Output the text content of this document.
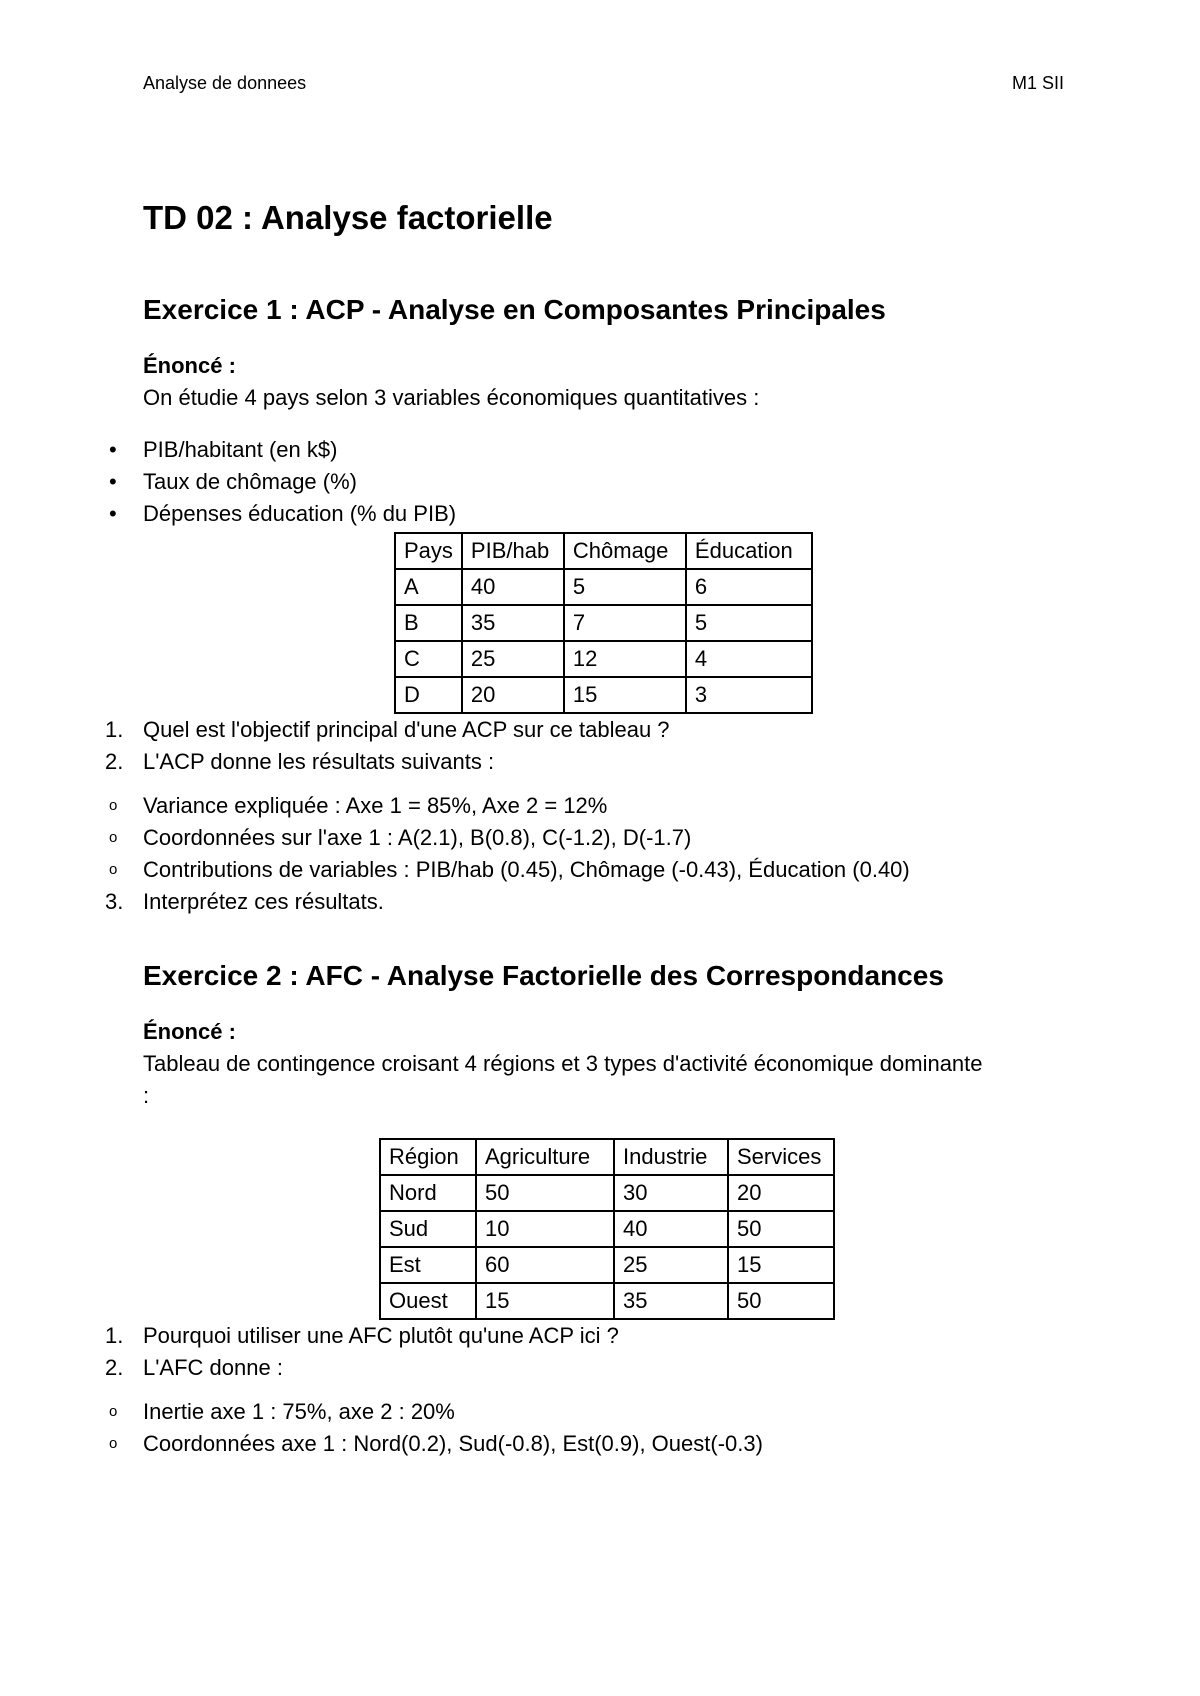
Analyse de donnees	M1 SII
TD 02 : Analyse factorielle
Exercice 1 : ACP - Analyse en Composantes Principales
Énoncé :
On étudie 4 pays selon 3 variables économiques quantitatives :
• PIB/habitant (en k$)
• Taux de chômage (%)
• Dépenses éducation (% du PIB)
Pays	PIB/hab	Chômage	Éducation
A	40	5	6
B	35	7	5
C	25	12	4
D	20	15	3
1. Quel est l'objectif principal d'une ACP sur ce tableau ?
2. L'ACP donne les résultats suivants :
o Variance expliquée : Axe 1 = 85%, Axe 2 = 12%
o Coordonnées sur l'axe 1 : A(2.1), B(0.8), C(-1.2), D(-1.7)
o Contributions de variables : PIB/hab (0.45), Chômage (-0.43), Éducation (0.40)
3. Interprétez ces résultats.
Exercice 2 : AFC - Analyse Factorielle des Correspondances
Énoncé :
Tableau de contingence croisant 4 régions et 3 types d'activité économique dominante :
Région	Agriculture	Industrie	Services
Nord	50	30	20
Sud	10	40	50
Est	60	25	15
Ouest	15	35	50
1. Pourquoi utiliser une AFC plutôt qu'une ACP ici ?
2. L'AFC donne :
o Inertie axe 1 : 75%, axe 2 : 20%
o Coordonnées axe 1 : Nord(0.2), Sud(-0.8), Est(0.9), Ouest(-0.3)
